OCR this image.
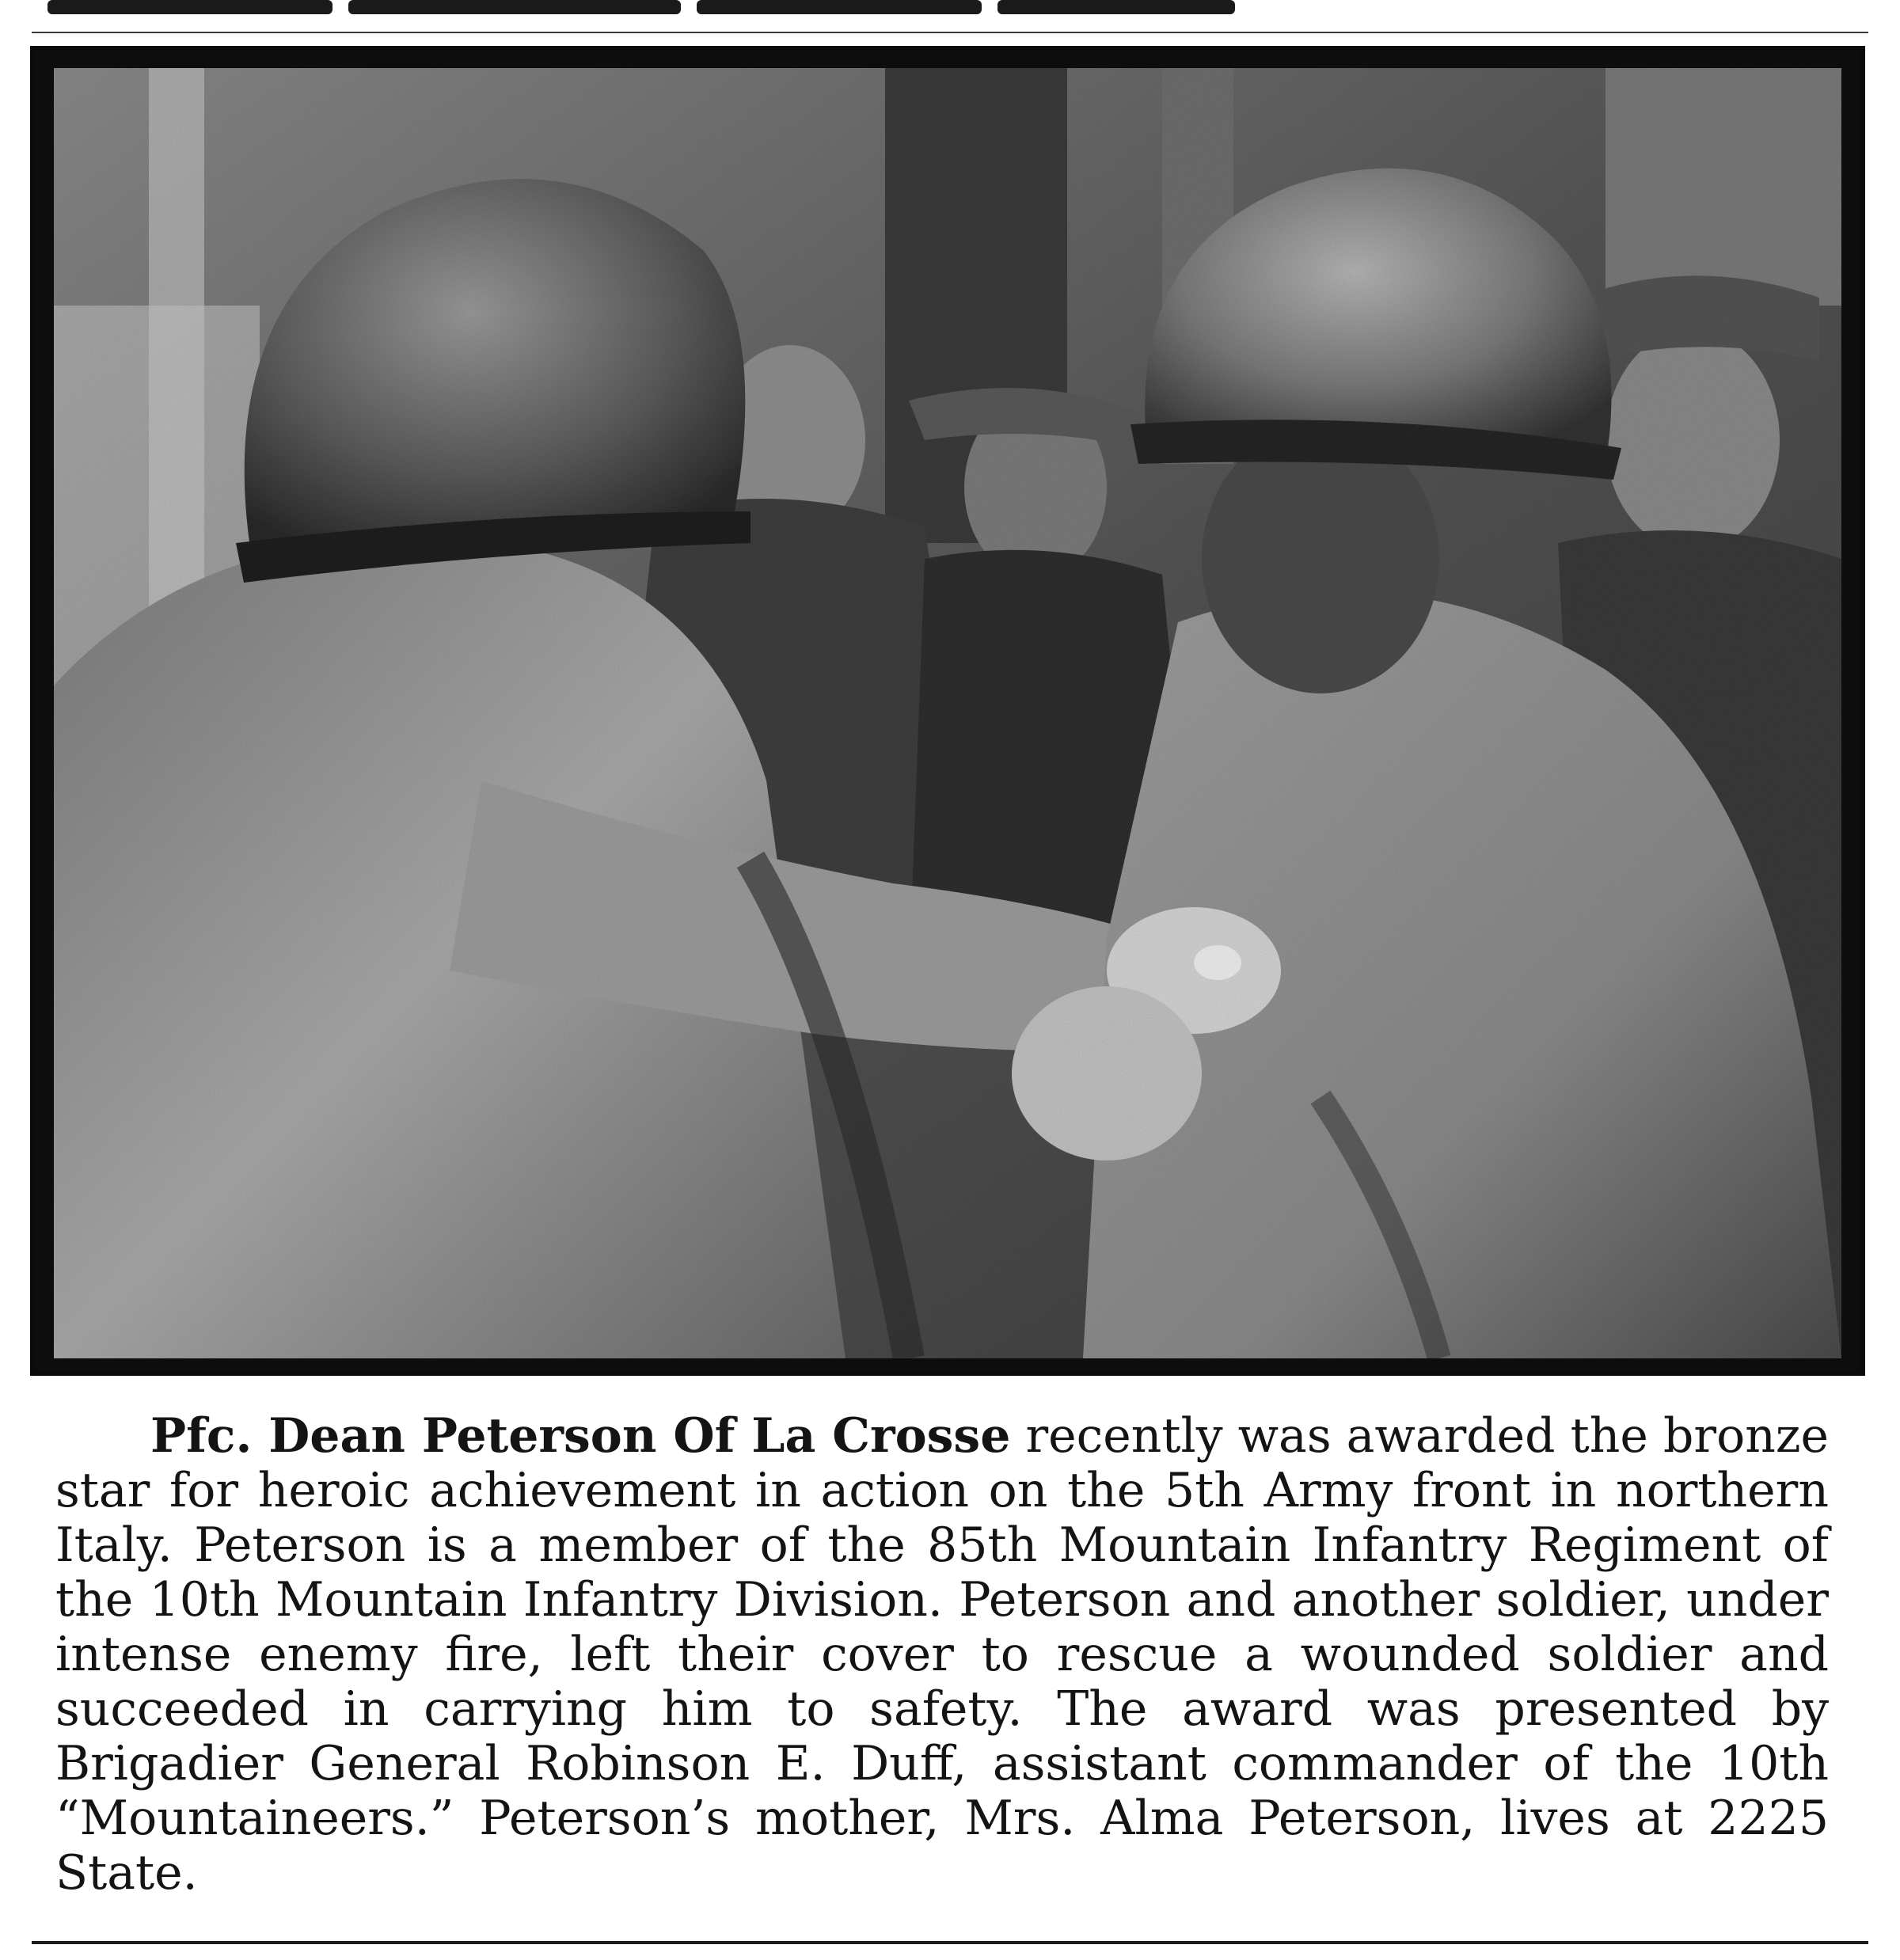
Pfc. Dean Peterson Of La Crosse recently was awarded the bronze star for heroic achievement in action on the 5th Army front in northern Italy. Peterson is a member of the 85th Mountain Infantry Regiment of the 10th Mountain Infantry Division. Peterson and another soldier, under intense enemy fire, left their cover to rescue a wounded soldier and succeeded in carrying him to safety. The award was presented by Brigadier General Robinson E. Duff, assistant commander of the 10th “Mountaineers.” Peterson’s mother, Mrs. Alma Peterson, lives at 2225 State.
